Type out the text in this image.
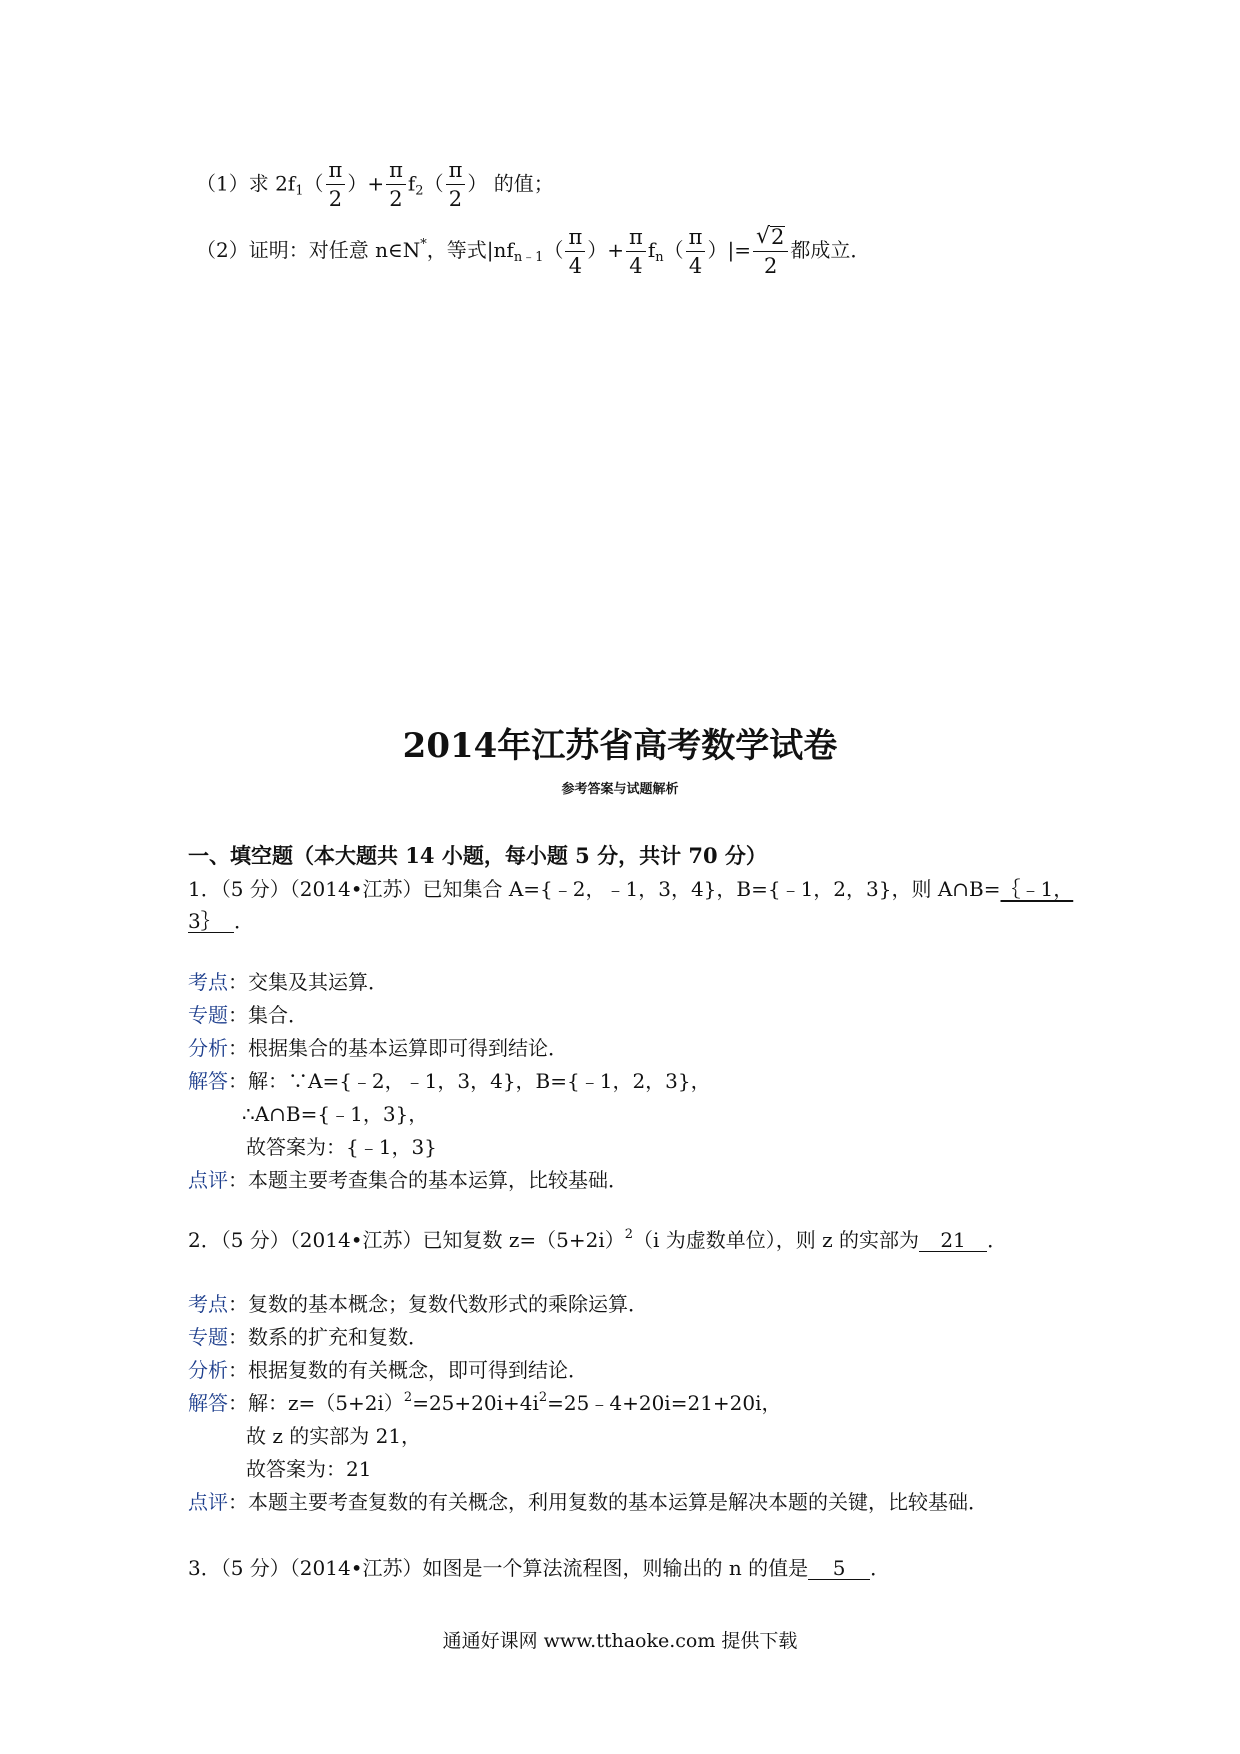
（1）求 $2f_1( \frac{\pi}{2}$ ）+ $\frac{\pi}{2} f_2( \frac{\pi}{2}$ ） 的值；
（2）证明：对任意 n∈N*，等式$|nf_{n﹣1}( \frac{\pi}{4}$ ）+ $\frac{\pi}{4} f_n( \frac{\pi}{4}$ ）|= $\frac{√ 2}{2}$ 都成立．
2014年江苏省高考数学试卷
参考答案与试题解析
一、填空题（本大题共 14 小题，每小题 5 分，共计 70 分）
1．（5 分）（2014•江苏）已知集合 A={﹣2，﹣1，3，4}，B={﹣1，2，3}，则 A∩B=｛﹣1，
3｝ ．
考点：交集及其运算．
专题：集合．
分析：根据集合的基本运算即可得到结论．
解答：解：∵A={﹣2，﹣1，3，4}，B={﹣1，2，3}，
∴A∩B={﹣1，3}，
故答案为：{﹣1，3}
点评：本题主要考查集合的基本运算，比较基础．
2．（5 分）（2014•江苏）已知复数 $z=(5+2i)^2(i$ 为虚数单位），则 z 的实部为 21 ．
考点：复数的基本概念；复数代数形式的乘除运算．
专题：数系的扩充和复数．
分析：根据复数的有关概念，即可得到结论．
解答：解：$z=(5+2i)^2=25+20i+4i^2=25﹣4+20i=21+20i$，
故 z 的实部为 21，
故答案为：21
点评：本题主要考查复数的有关概念，利用复数的基本运算是解决本题的关键，比较基础．
3．（5 分）（2014•江苏）如图是一个算法流程图，则输出的 n 的值是 5 ．
通通好课网 www.tthaoke.com 提供下载
